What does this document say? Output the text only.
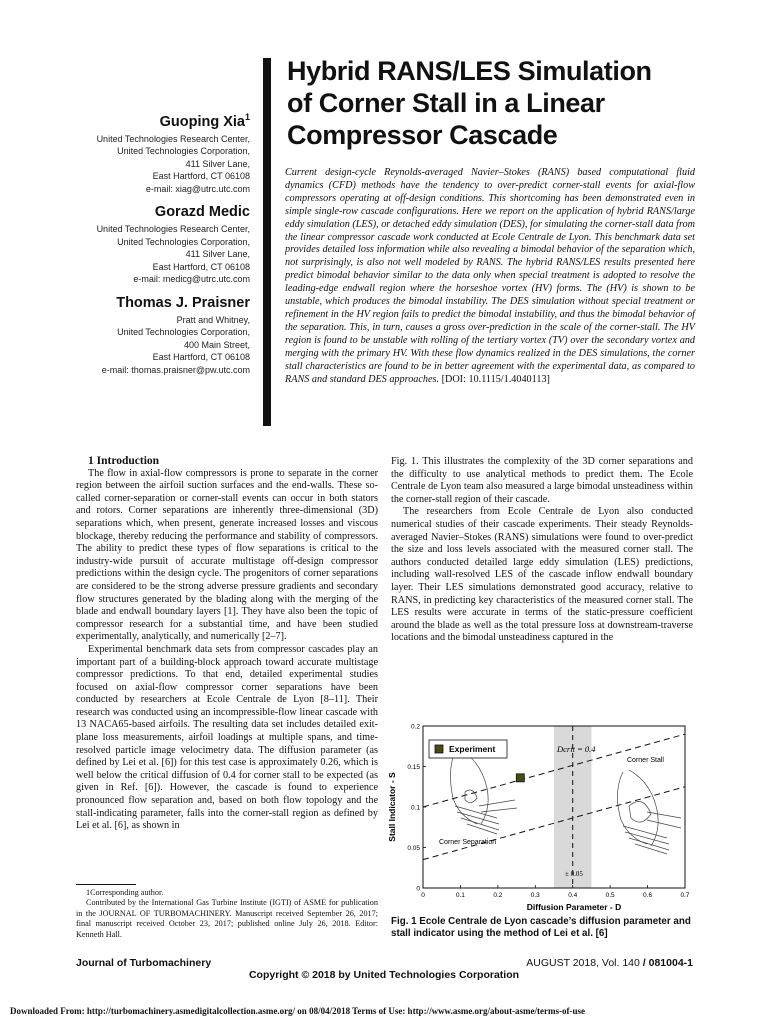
Guoping Xia$^1$

United Technologies Research Center,
United Technologies Corporation,
411 Silver Lane,
East Hartford, CT 06108
e-mail: xiag@utrc.utc.com

Gorazd Medic

United Technologies Research Center,
United Technologies Corporation,
411 Silver Lane,
East Hartford, CT 06108
e-mail: medicg@utrc.utc.com

Thomas J. Praisner

Pratt and Whitney,
United Technologies Corporation,
400 Main Street,
East Hartford, CT 06108
e-mail: thomas.praisner@pw.utc.com
Hybrid RANS/LES Simulation
of Corner Stall in a Linear
Compressor Cascade
Current design-cycle Reynolds-averaged Navier–Stokes (RANS) based computational fluid dynamics (CFD) methods have the tendency to over-predict corner-stall events for axial-flow compressors operating at off-design conditions. This shortcoming has been demonstrated even in simple single-row cascade configurations. Here we report on the application of hybrid RANS/large eddy simulation (LES), or detached eddy simulation (DES), for simulating the corner-stall data from the linear compressor cascade work conducted at Ecole Centrale de Lyon. This benchmark data set provides detailed loss information while also revealing a bimodal behavior of the separation which, not surprisingly, is also not well modeled by RANS. The hybrid RANS/LES results presented here predict bimodal behavior similar to the data only when special treatment is adopted to resolve the leading-edge endwall region where the horseshoe vortex (HV) forms. The (HV) is shown to be unstable, which produces the bimodal instability. The DES simulation without special treatment or refinement in the HV region fails to predict the bimodal instability, and thus the bimodal behavior of the separation. This, in turn, causes a gross over-prediction in the scale of the corner-stall. The HV region is found to be unstable with rolling of the tertiary vortex (TV) over the secondary vortex and merging with the primary HV. With these flow dynamics realized in the DES simulations, the corner stall characteristics are found to be in better agreement with the experimental data, as compared to RANS and standard DES approaches. [DOI: 10.1115/1.4040113]

1 Introduction

The flow in axial-flow compressors is prone to separate in the corner region between the airfoil suction surfaces and the end-walls. These so-called corner-separation or corner-stall events can occur in both stators and rotors. Corner separations are inherently three-dimensional (3D) separations which, when present, generate increased losses and viscous blockage, thereby reducing the performance and stability of compressors. The ability to predict these types of flow separations is critical to the industry-wide pursuit of accurate multistage off-design compressor predictions within the design cycle. The progenitors of corner separations are considered to be the strong adverse pressure gradients and secondary flow structures generated by the blading along with the merging of the blade and endwall boundary layers [1]. They have also been the topic of compressor research for a substantial time, and have been studied experimentally, analytically, and numerically [2–7].

Experimental benchmark data sets from compressor cascades play an important part of a building-block approach toward accurate multistage compressor predictions. To that end, detailed experimental studies focused on axial-flow compressor corner separations have been conducted by researchers at Ecole Centrale de Lyon [8–11]. Their research was conducted using an incompressible-flow linear cascade with 13 NACA65-based airfoils. The resulting data set includes detailed exit-plane loss measurements, airfoil loadings at multiple spans, and time-resolved particle image velocimetry data. The diffusion parameter (as defined by Lei et al. [6]) for this test case is approximately 0.26, which is well below the critical diffusion of 0.4 for corner stall to be expected (as given in Ref. [6]). However, the cascade is found to experience pronounced flow separation and, based on both flow topology and the stall-indicating parameter, falls into the corner-stall region as defined by Lei et al. [6], as shown in

Fig. 1. This illustrates the complexity of the 3D corner separations and the difficulty to use analytical methods to predict them. The Ecole Centrale de Lyon team also measured a large bimodal unsteadiness within the corner-stall region of their cascade.

The researchers from Ecole Centrale de Lyon also conducted numerical studies of their cascade experiments. Their steady Reynolds-averaged Navier–Stokes (RANS) simulations were found to over-predict the size and loss levels associated with the measured corner stall. The authors conducted detailed large eddy simulation (LES) predictions, including wall-resolved LES of the cascade inflow endwall boundary layer. Their LES simulations demonstrated good accuracy, relative to RANS, in predicting key characteristics of the measured corner stall. The LES results were accurate in terms of the static-pressure coefficient around the blade as well as the total pressure loss at downstream-traverse locations and the bimodal unsteadiness captured in the

1Corresponding author.

Contributed by the International Gas Turbine Institute (IGTI) of ASME for publication in the JOURNAL OF TURBOMACHINERY. Manuscript received September 26, 2017; final manuscript received October 23, 2017; published online July 26, 2018. Editor: Kenneth Hall.

0	0.1	0.2	0.3	0.4	0.5	0.6	0.7
0
0.05
0.1
0.15
0.2
Experiment	Dcrit = 0.4
Corner Stall
Corner Separation
± 0.05
Diffusion Parameter - D
Stall Indicator - S
Fig. 1 Ecole Centrale de Lyon cascade’s diffusion parameter and stall indicator using the method of Lei et al. [6]
Journal of Turbomachinery	AUGUST 2018, Vol. 140 / 081004-1
Copyright © 2018 by United Technologies Corporation
Downloaded From: http://turbomachinery.asmedigitalcollection.asme.org/ on 08/04/2018 Terms of Use: http://www.asme.org/about-asme/terms-of-use
